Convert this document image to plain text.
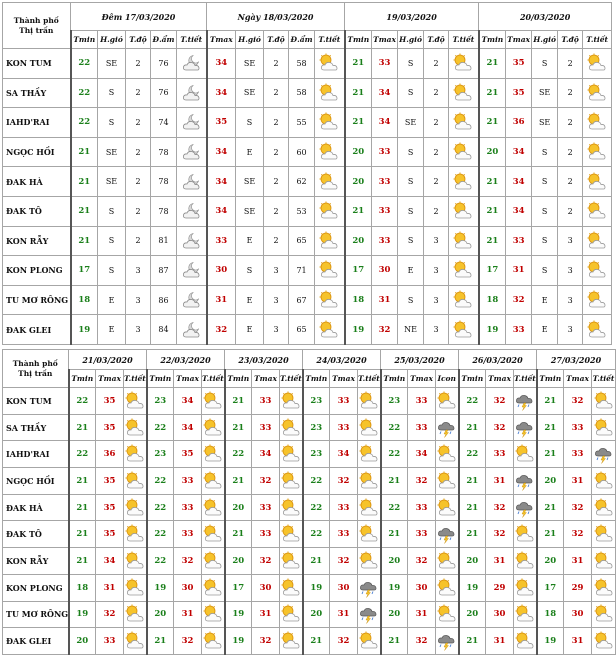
Thành phố
Thị trấn	Đêm 17/03/2020					Ngày 18/03/2020					19/03/2020					20/03/2020				
	Tmin	H.gió	T.độ	Đ.ẩm	T.tiết	Tmax	H.gió	T.độ	Đ.ẩm	T.tiết	Tmin	Tmax	H.gió	T.độ	T.tiết	Tmin	Tmax	H.gió	T.độ	T.tiết
KON TUM	22	SE	2	76		34	SE	2	58		21	33	S	2		21	35	S	2	

SA THẦY	22	S	2	76		34	SE	2	58		21	34	S	2		21	35	SE	2	

IAHD'RAI	22	S	2	74		35	S	2	55		21	34	SE	2		21	36	SE	2	

NGỌC HỒI	21	SE	2	78		34	E	2	60		20	33	S	2		20	34	S	2	

ĐAK HÀ	21	SE	2	78		34	SE	2	62		20	33	S	2		21	34	S	2	

ĐAK TÔ	21	S	2	78		34	SE	2	53		21	33	S	2		21	34	S	2	

KON RẪY	21	S	2	81		33	E	2	65		20	33	S	3		21	33	S	3	

KON PLONG	17	S	3	87		30	S	3	71		17	30	E	3		17	31	S	3	

TU MƠ RÔNG	18	E	3	86		31	E	3	67		18	31	S	3		18	32	E	3	

ĐAK GLEI	19	E	3	84		32	E	3	65		19	32	NE	3		19	33	E	3	
Thành phố
Thị trấn	21/03/2020			22/03/2020			23/03/2020			24/03/2020			25/03/2020			26/03/2020			27/03/2020		
	Tmin	Tmax	T.tiết	Tmin	Tmax	T.tiết	Tmin	Tmax	T.tiết	Tmin	Tmax	T.tiết	Tmin	Tmax	Icon	Tmin	Tmax	T.tiết	Tmin	Tmax	T.tiết
KON TUM	22	35		23	34		21	33		23	33		23	33		22	32		21	32	

SA THẦY	21	35		22	34		21	33		23	33		22	33		21	32		21	33	

IAHD'RAI	22	36		23	35		22	34		23	34		22	34		22	33		21	33	

NGỌC HỒI	21	35		22	33		21	32		22	32		21	32		21	31		20	31	

ĐAK HÀ	21	35		22	33		20	33		22	33		22	33		21	32		21	32	

ĐAK TÔ	21	35		22	33		21	33		22	33		21	33		21	32		21	32	

KON RẪY	21	34		22	32		20	32		21	32		20	32		20	31		20	31	

KON PLONG	18	31		19	30		17	30		19	30		19	30		19	29		17	29	

TU MƠ RÔNG	19	32		20	31		19	31		20	31		20	31		20	30		18	30	

ĐAK GLEI	20	33		21	32		19	32		21	32		21	32		21	31		19	31	
